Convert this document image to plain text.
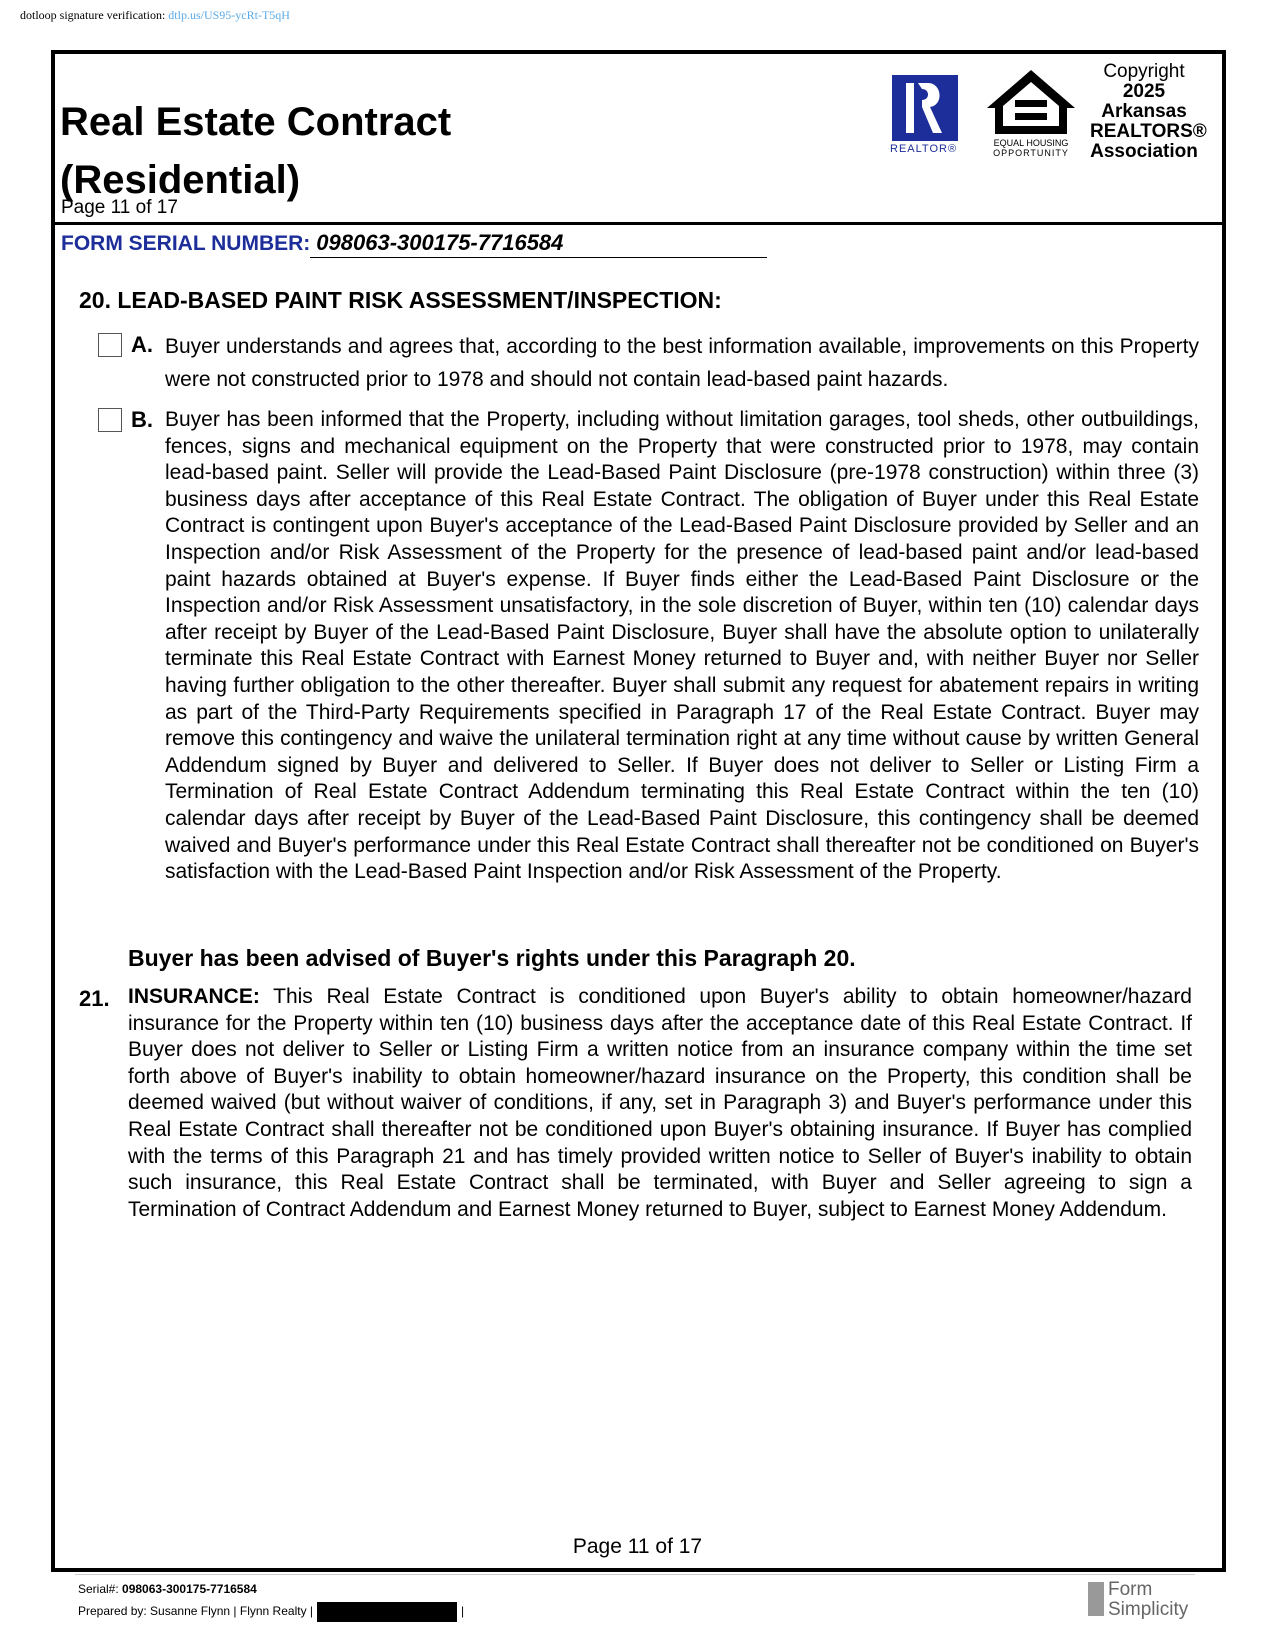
dotloop signature verification: dtlp.us/US95-ycRt-T5qH
Real Estate Contract
(Residential)
Page 11 of 17
REALTOR®	EQUAL HOUSING
OPPORTUNITY
Copyright
2025
Arkansas
REALTORS®
Association
FORM SERIAL NUMBER: 098063-300175-7716584
20. LEAD-BASED PAINT RISK ASSESSMENT/INSPECTION:
A. Buyer understands and agrees that, according to the best information available, improvements on this Property were not constructed prior to 1978 and should not contain lead-based paint hazards.
B. Buyer has been informed that the Property, including without limitation garages, tool sheds, other outbuildings, fences, signs and mechanical equipment on the Property that were constructed prior to 1978, may contain lead-based paint. Seller will provide the Lead-Based Paint Disclosure (pre-1978 construction) within three (3) business days after acceptance of this Real Estate Contract. The obligation of Buyer under this Real Estate Contract is contingent upon Buyer's acceptance of the Lead-Based Paint Disclosure provided by Seller and an Inspection and/or Risk Assessment of the Property for the presence of lead-based paint and/or lead-based paint hazards obtained at Buyer's expense. If Buyer finds either the Lead-Based Paint Disclosure or the Inspection and/or Risk Assessment unsatisfactory, in the sole discretion of Buyer, within ten (10) calendar days after receipt by Buyer of the Lead-Based Paint Disclosure, Buyer shall have the absolute option to unilaterally terminate this Real Estate Contract with Earnest Money returned to Buyer and, with neither Buyer nor Seller having further obligation to the other thereafter. Buyer shall submit any request for abatement repairs in writing as part of the Third-Party Requirements specified in Paragraph 17 of the Real Estate Contract. Buyer may remove this contingency and waive the unilateral termination right at any time without cause by written General Addendum signed by Buyer and delivered to Seller. If Buyer does not deliver to Seller or Listing Firm a Termination of Real Estate Contract Addendum terminating this Real Estate Contract within the ten (10) calendar days after receipt by Buyer of the Lead-Based Paint Disclosure, this contingency shall be deemed waived and Buyer's performance under this Real Estate Contract shall thereafter not be conditioned on Buyer's satisfaction with the Lead-Based Paint Inspection and/or Risk Assessment of the Property.
Buyer has been advised of Buyer's rights under this Paragraph 20.
21. INSURANCE: This Real Estate Contract is conditioned upon Buyer's ability to obtain homeowner/hazard insurance for the Property within ten (10) business days after the acceptance date of this Real Estate Contract. If Buyer does not deliver to Seller or Listing Firm a written notice from an insurance company within the time set forth above of Buyer's inability to obtain homeowner/hazard insurance on the Property, this condition shall be deemed waived (but without waiver of conditions, if any, set in Paragraph 3) and Buyer's performance under this Real Estate Contract shall thereafter not be conditioned upon Buyer's obtaining insurance. If Buyer has complied with the terms of this Paragraph 21 and has timely provided written notice to Seller of Buyer's inability to obtain such insurance, this Real Estate Contract shall be terminated, with Buyer and Seller agreeing to sign a Termination of Contract Addendum and Earnest Money returned to Buyer, subject to Earnest Money Addendum.
Page 11 of 17
Serial#: 098063-300175-7716584
Prepared by: Susanne Flynn | Flynn Realty |	|
Form
Simplicity
